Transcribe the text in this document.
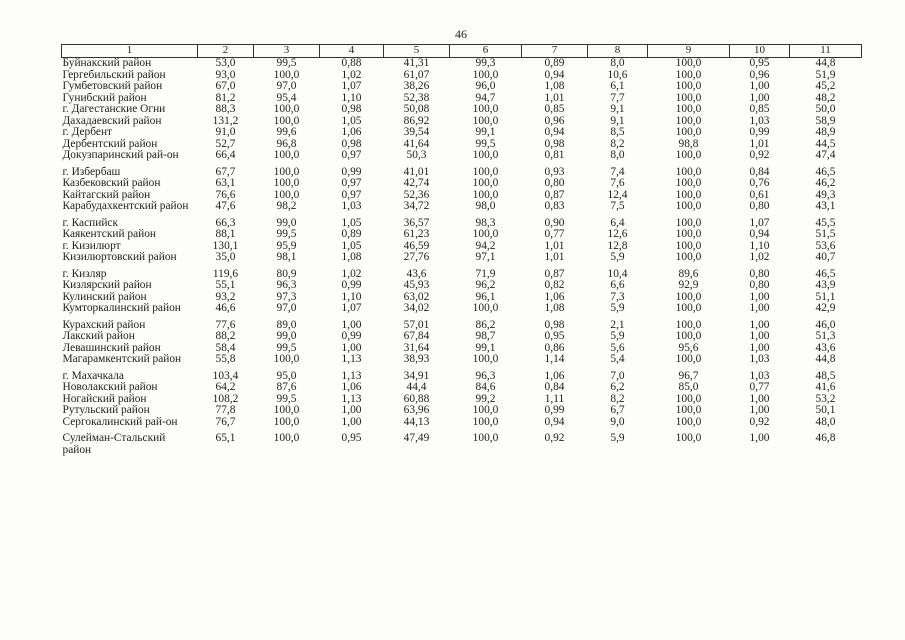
46
1	2	3	4	5	6	7	8	9	10	11
Буйнакский район	53,0	99,5	0,88	41,31	99,3	0,89	8,0	100,0	0,95	44,8
Гергебильский район	93,0	100,0	1,02	61,07	100,0	0,94	10,6	100,0	0,96	51,9
Гумбетовский район	67,0	97,0	1,07	38,26	96,0	1,08	6,1	100,0	1,00	45,2
Гунибский район	81,2	95,4	1,10	52,38	94,7	1,01	7,7	100,0	1,00	48,2
г. Дагестанские Огни	88,3	100,0	0,98	50,08	100,0	0,85	9,1	100,0	0,85	50,0
Дахадаевский район	131,2	100,0	1,05	86,92	100,0	0,96	9,1	100,0	1,03	58,9
г. Дербент	91,0	99,6	1,06	39,54	99,1	0,94	8,5	100,0	0,99	48,9
Дербентский район	52,7	96,8	0,98	41,64	99,5	0,98	8,2	98,8	1,01	44,5
Докузпаринский рай-он	66,4	100,0	0,97	50,3	100,0	0,81	8,0	100,0	0,92	47,4
г. Избербаш	67,7	100,0	0,99	41,01	100,0	0,93	7,4	100,0	0,84	46,5
Казбековский район	63,1	100,0	0,97	42,74	100,0	0,80	7,6	100,0	0,76	46,2
Кайтагский район	76,6	100,0	0,97	52,36	100,0	0,87	12,4	100,0	0,61	49,3
Карабудахкентский район	47,6	98,2	1,03	34,72	98,0	0,83	7,5	100,0	0,80	43,1
г. Каспийск	66,3	99,0	1,05	36,57	98,3	0,90	6,4	100,0	1,07	45,5
Каякентский район	88,1	99,5	0,89	61,23	100,0	0,77	12,6	100,0	0,94	51,5
г. Кизилюрт	130,1	95,9	1,05	46,59	94,2	1,01	12,8	100,0	1,10	53,6
Кизилюртовский район	35,0	98,1	1,08	27,76	97,1	1,01	5,9	100,0	1,02	40,7
г. Кизляр	119,6	80,9	1,02	43,6	71,9	0,87	10,4	89,6	0,80	46,5
Кизлярский район	55,1	96,3	0,99	45,93	96,2	0,82	6,6	92,9	0,80	43,9
Кулинский район	93,2	97,3	1,10	63,02	96,1	1,06	7,3	100,0	1,00	51,1
Кумторкалинский район	46,6	97,0	1,07	34,02	100,0	1,08	5,9	100,0	1,00	42,9
Курахский район	77,6	89,0	1,00	57,01	86,2	0,98	2,1	100,0	1,00	46,0
Лакский район	88,2	99,0	0,99	67,84	98,7	0,95	5,9	100,0	1,00	51,3
Левашинский район	58,4	99,5	1,00	31,64	99,1	0,86	5,6	95,6	1,00	43,6
Магарамкентский район	55,8	100,0	1,13	38,93	100,0	1,14	5,4	100,0	1,03	44,8
г. Махачкала	103,4	95,0	1,13	34,91	96,3	1,06	7,0	96,7	1,03	48,5
Новолакский район	64,2	87,6	1,06	44,4	84,6	0,84	6,2	85,0	0,77	41,6
Ногайский район	108,2	99,5	1,13	60,88	99,2	1,11	8,2	100,0	1,00	53,2
Рутульский район	77,8	100,0	1,00	63,96	100,0	0,99	6,7	100,0	1,00	50,1
Сергокалинский рай-он	76,7	100,0	1,00	44,13	100,0	0,94	9,0	100,0	0,92	48,0
Сулейман-Стальский район	65,1	100,0	0,95	47,49	100,0	0,92	5,9	100,0	1,00	46,8
